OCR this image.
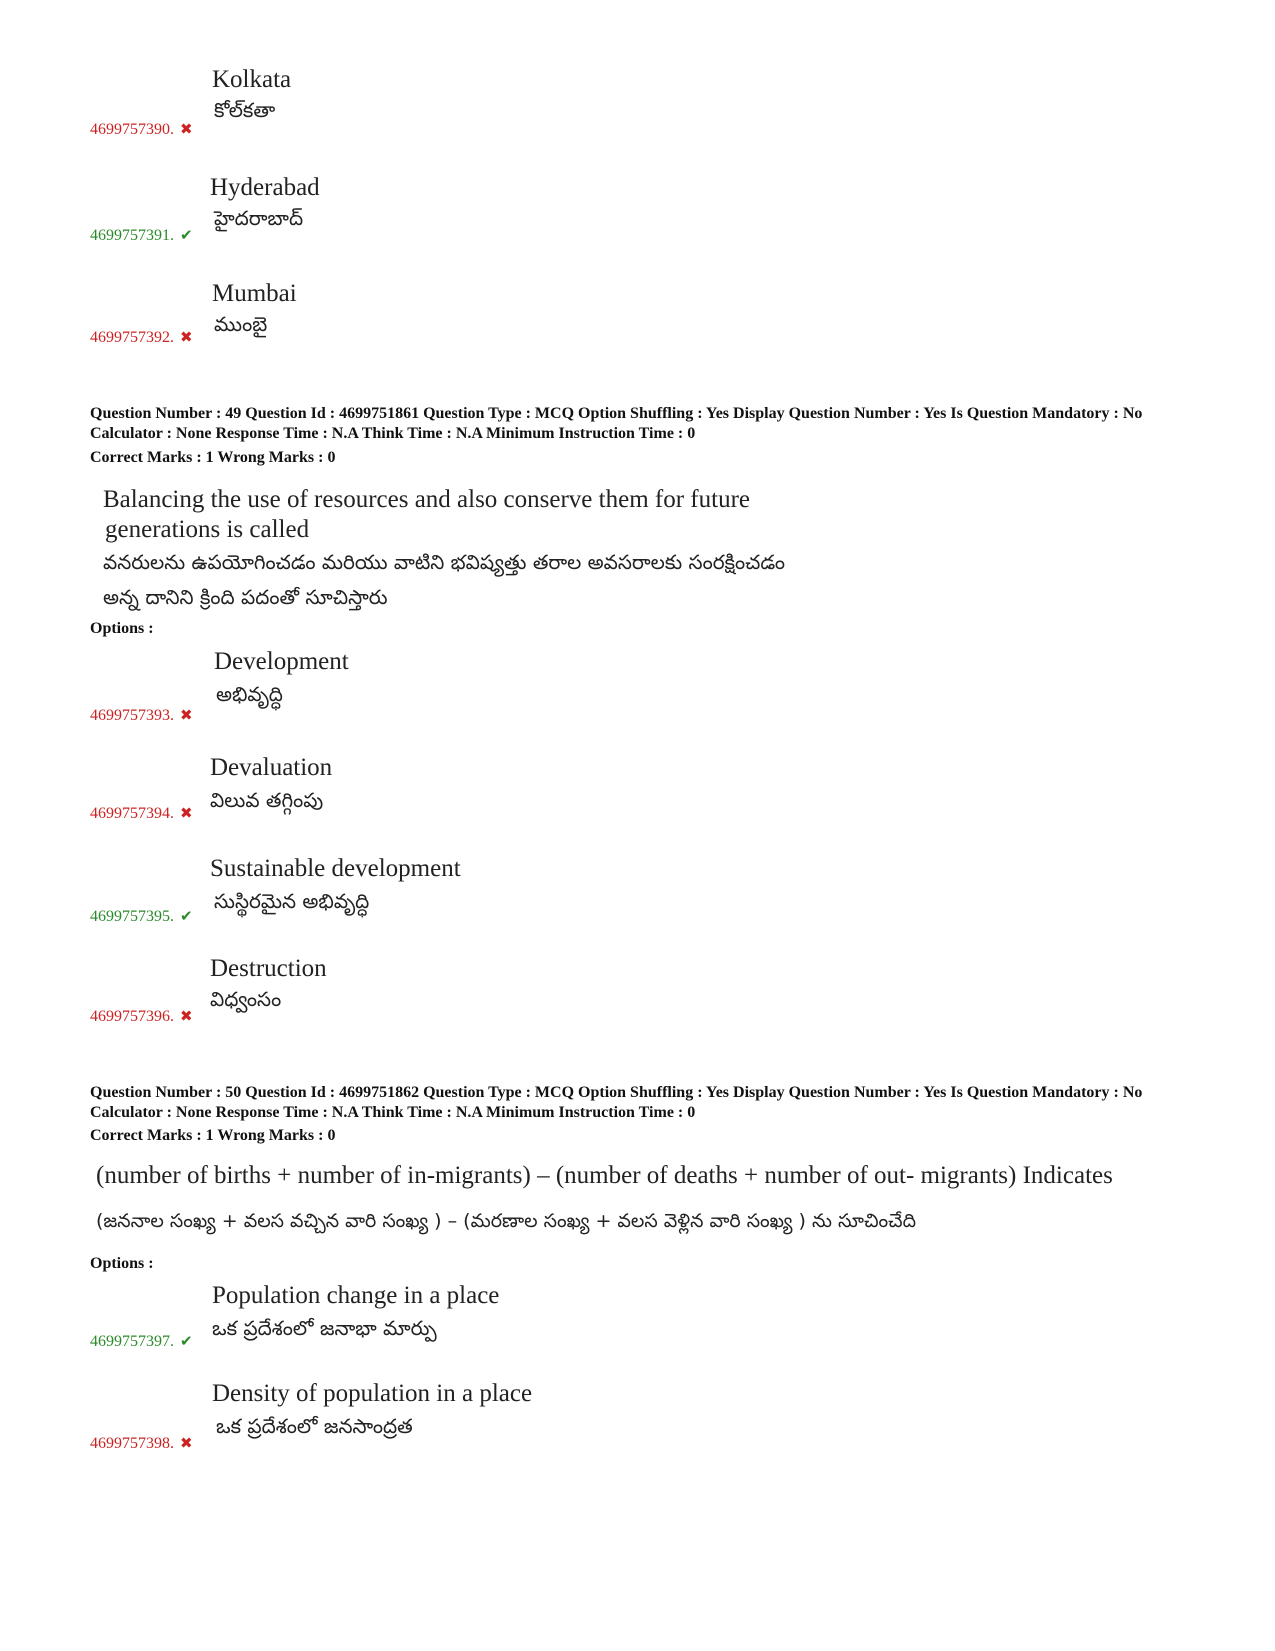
Kolkata
కోల్‌కతా
4699757390. ✖
Hyderabad
హైదరాబాద్
4699757391. ✔
Mumbai
ముంబై
4699757392. ✖
Question Number : 49 Question Id : 4699751861 Question Type : MCQ Option Shuffling : Yes Display Question Number : Yes Is Question Mandatory : No Calculator : None Response Time : N.A Think Time : N.A Minimum Instruction Time : 0
Correct Marks : 1 Wrong Marks : 0
Balancing the use of resources and also conserve them for future
generations is called
వనరులను ఉపయోగించడం మరియు వాటిని భవిష్యత్తు తరాల అవసరాలకు సంరక్షించడం
అన్న దానిని క్రింది పదంతో సూచిస్తారు
Options :
Development
అభివృద్ధి
4699757393. ✖
Devaluation
విలువ తగ్గింపు
4699757394. ✖
Sustainable development
సుస్థిరమైన అభివృద్ధి
4699757395. ✔
Destruction
విధ్వంసం
4699757396. ✖
Question Number : 50 Question Id : 4699751862 Question Type : MCQ Option Shuffling : Yes Display Question Number : Yes Is Question Mandatory : No Calculator : None Response Time : N.A Think Time : N.A Minimum Instruction Time : 0
Correct Marks : 1 Wrong Marks : 0
(number of births + number of in-migrants) – (number of deaths + number of out- migrants) Indicates
(జననాల సంఖ్య + వలస వచ్చిన వారి సంఖ్య ) – (మరణాల సంఖ్య + వలస వెళ్లిన వారి సంఖ్య ) ను సూచించేది
Options :
Population change in a place
ఒక ప్రదేశంలో జనాభా మార్పు
4699757397. ✔
Density of population in a place
ఒక ప్రదేశంలో జనసాంద్రత
4699757398. ✖
